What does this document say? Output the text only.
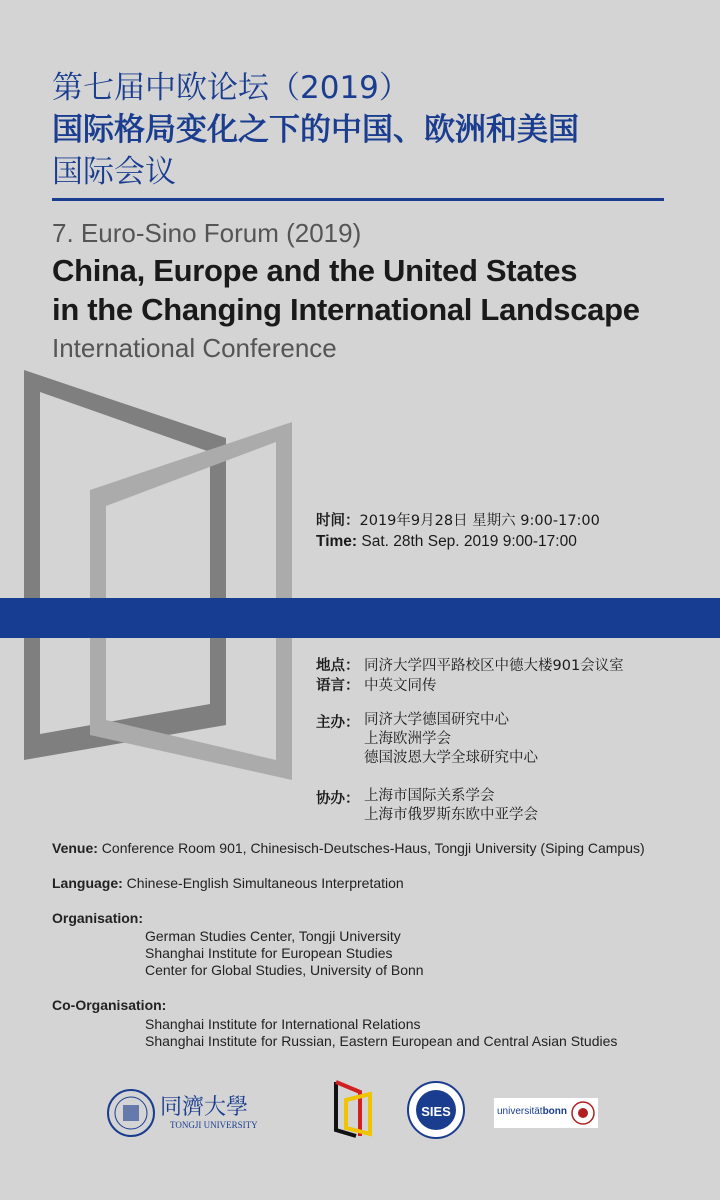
第七届中欧论坛（2019）
国际格局变化之下的中国、欧洲和美国
国际会议
7. Euro-Sino Forum (2019)
China, Europe and the United States
in the Changing International Landscape
International Conference
时间：2019年9月28日 星期六 9:00-17:00
Time: Sat. 28th Sep. 2019 9:00-17:00
地点： 同济大学四平路校区中德大楼901会议室
语言： 中英文同传
主办： 同济大学德国研究中心
上海欧洲学会
德国波恩大学全球研究中心
协办： 上海市国际关系学会
上海市俄罗斯东欧中亚学会
Venue: Conference Room 901, Chinesisch-Deutsches-Haus, Tongji University (Siping Campus)
Language: Chinese-English Simultaneous Interpretation
Organisation:
German Studies Center, Tongji University
Shanghai Institute for European Studies
Center for Global Studies, University of Bonn
Co-Organisation:
Shanghai Institute for International Relations
Shanghai Institute for Russian, Eastern European and Central Asian Studies
同濟大學
TONGJI UNIVERSITY
SIES	universitätbonn
